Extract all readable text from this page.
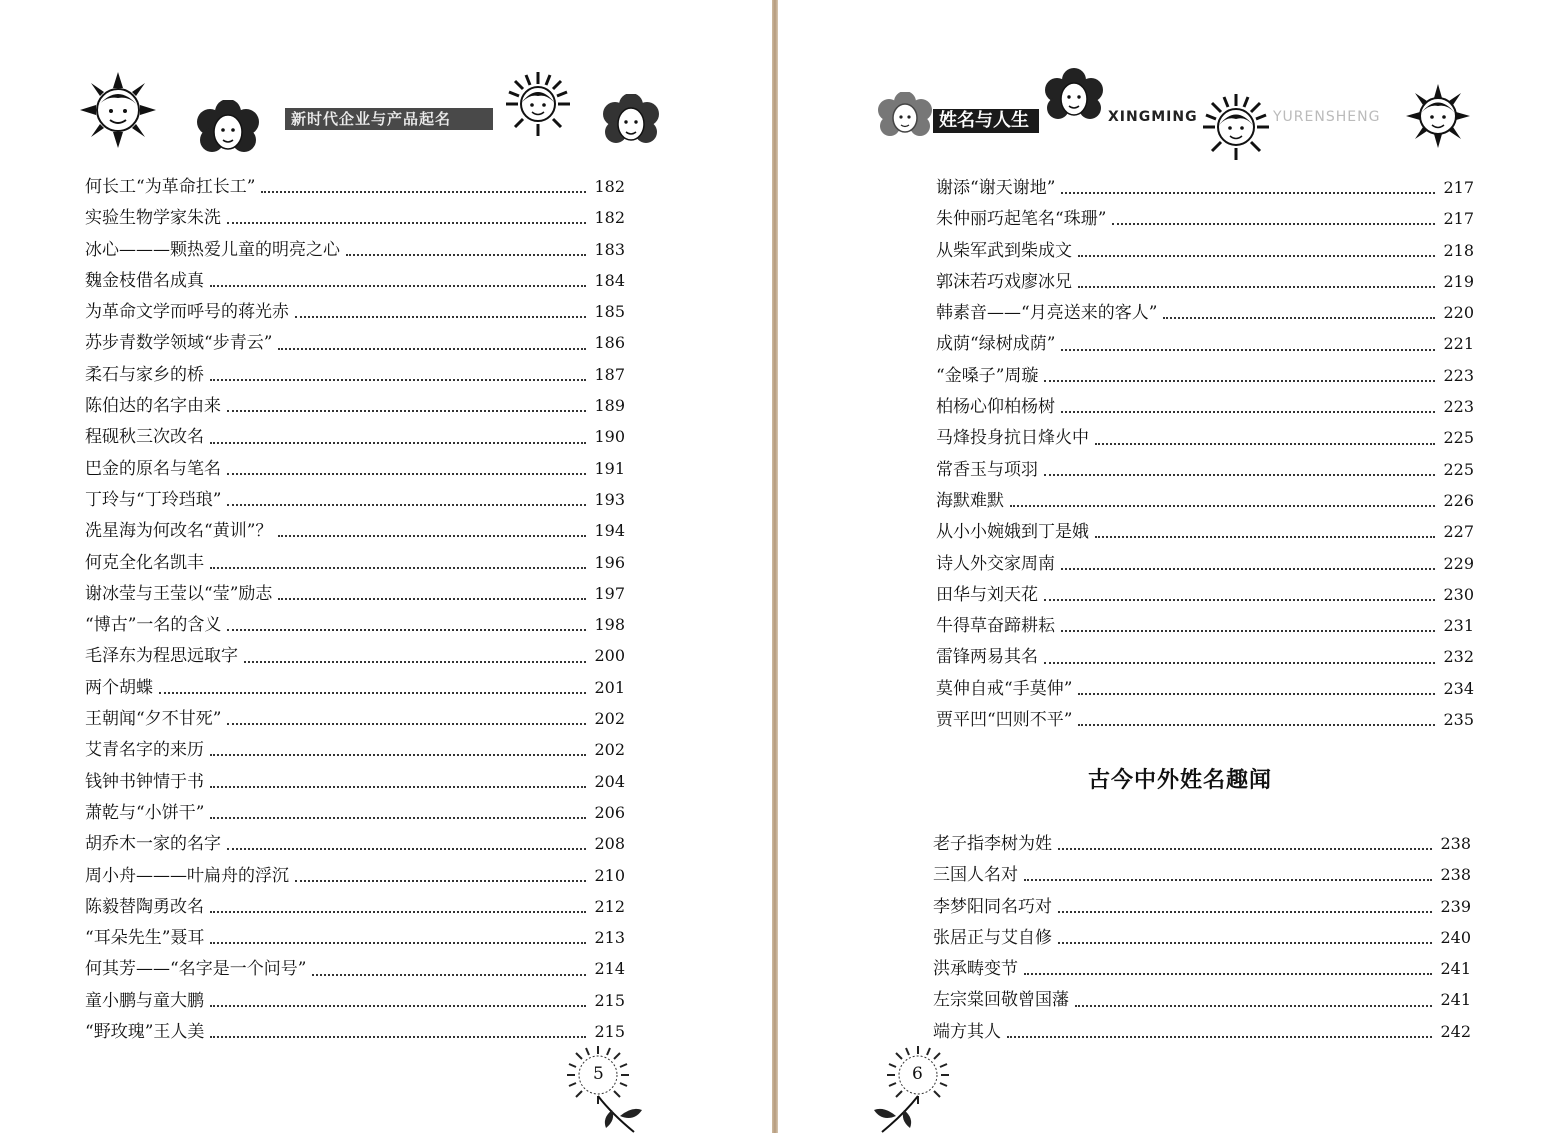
新时代企业与产品起名
何长工“为革命扛长工”	182
实验生物学家朱洗	182
冰心———颗热爱儿童的明亮之心	183
魏金枝借名成真	184
为革命文学而呼号的蒋光赤	185
苏步青数学领域“步青云”	186
柔石与家乡的桥	187
陈伯达的名字由来	189
程砚秋三次改名	190
巴金的原名与笔名	191
丁玲与“丁玲珰琅”	193
冼星海为何改名“黄训”？	194
何克全化名凯丰	196
谢冰莹与王莹以“莹”励志	197
“博古”一名的含义	198
毛泽东为程思远取字	200
两个胡蝶	201
王朝闻“夕不甘死”	202
艾青名字的来历	202
钱钟书钟情于书	204
萧乾与“小饼干”	206
胡乔木一家的名字	208
周小舟———叶扁舟的浮沉	210
陈毅替陶勇改名	212
“耳朵先生”聂耳	213
何其芳——“名字是一个问号”	214
童小鹏与童大鹏	215
“野玫瑰”王人美	215
5
姓名与人生	XINGMING	YURENSHENG
谢添“谢天谢地”	217
朱仲丽巧起笔名“珠珊”	217
从柴军武到柴成文	218
郭沫若巧戏廖冰兄	219
韩素音——“月亮送来的客人”	220
成荫“绿树成荫”	221
“金嗓子”周璇	223
柏杨心仰柏杨树	223
马烽投身抗日烽火中	225
常香玉与项羽	225
海默难默	226
从小小婉娥到丁是娥	227
诗人外交家周南	229
田华与刘天花	230
牛得草奋蹄耕耘	231
雷锋两易其名	232
莫伸自戒“手莫伸”	234
贾平凹“凹则不平”	235
古今中外姓名趣闻
老子指李树为姓	238
三国人名对	238
李梦阳同名巧对	239
张居正与艾自修	240
洪承畴变节	241
左宗棠回敬曾国藩	241
端方其人	242
6
